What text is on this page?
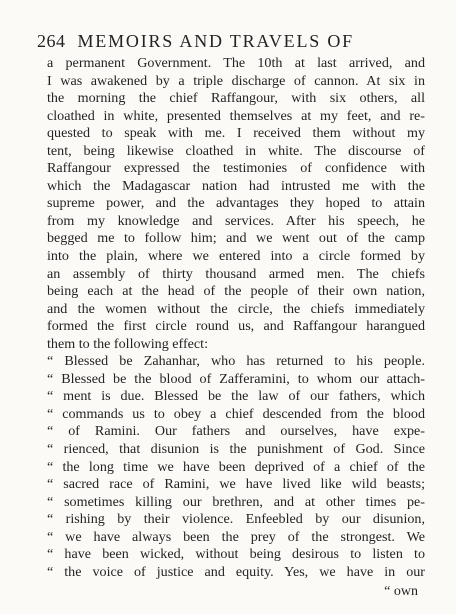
264 MEMOIRS AND TRAVELS OF
a permanent Government. The 10th at last arrived, and
I was awakened by a triple discharge of cannon. At six in
the morning the chief Raffangour, with six others, all
cloathed in white, presented themselves at my feet, and re-
quested to speak with me. I received them without my
tent, being likewise cloathed in white. The discourse of
Raffangour expressed the testimonies of confidence with
which the Madagascar nation had intrusted me with the
supreme power, and the advantages they hoped to attain
from my knowledge and services. After his speech, he
begged me to follow him; and we went out of the camp
into the plain, where we entered into a circle formed by
an assembly of thirty thousand armed men. The chiefs
being each at the head of the people of their own nation,
and the women without the circle, the chiefs immediately
formed the first circle round us, and Raffangour harangued
them to the following effect:
“ Blessed be Zahanhar, who has returned to his people.
“ Blessed be the blood of Zafferamini, to whom our attach-
“ ment is due. Blessed be the law of our fathers, which
“ commands us to obey a chief descended from the blood
“ of Ramini. Our fathers and ourselves, have expe-
“ rienced, that disunion is the punishment of God. Since
“ the long time we have been deprived of a chief of the
“ sacred race of Ramini, we have lived like wild beasts;
“ sometimes killing our brethren, and at other times pe-
“ rishing by their violence. Enfeebled by our disunion,
“ we have always been the prey of the strongest. We
“ have been wicked, without being desirous to listen to
“ the voice of justice and equity. Yes, we have in our
“ own
